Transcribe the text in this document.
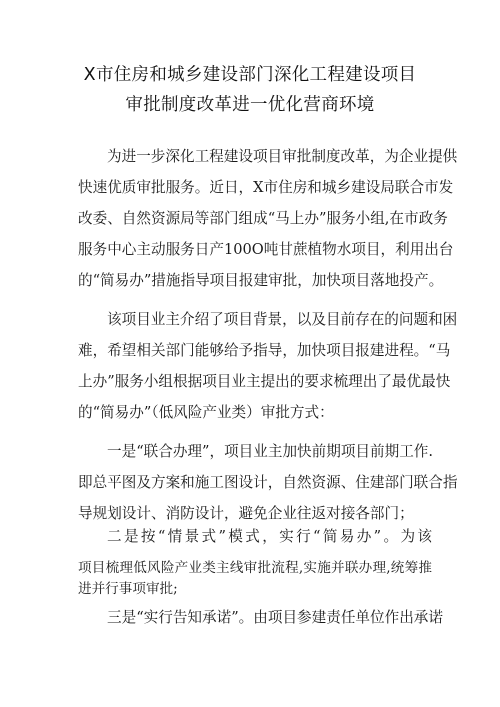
X市住房和城乡建设部门深化工程建设项目
审批制度改革进一优化营商环境
为进一步深化工程建设项目审批制度改革，为企业提供
快速优质审批服务。近日，X市住房和城乡建设局联合市发
改委、自然资源局等部门组成“马上办”服务小组,在市政务
服务中心主动服务日产100O吨甘蔗植物水项目，利用出台
的“简易办”措施指导项目报建审批，加快项目落地投产。
该项目业主介绍了项目背景，以及目前存在的问题和困
难，希望相关部门能够给予指导，加快项目报建进程。“马
上办”服务小组根据项目业主提出的要求梳理出了最优最快
的“简易办”（低风险产业类）审批方式：
一是“联合办理”，项目业主加快前期项目前期工作.
即总平图及方案和施工图设计，自然资源、住建部门联合指
导规划设计、消防设计，避免企业往返对接各部门；
二是按“情景式”模式，实行“简易办”。为该
项目梳理低风险产业类主线审批流程,实施并联办理,统筹推
进并行事项审批;
三是“实行告知承诺”。由项目参建责任单位作出承诺
